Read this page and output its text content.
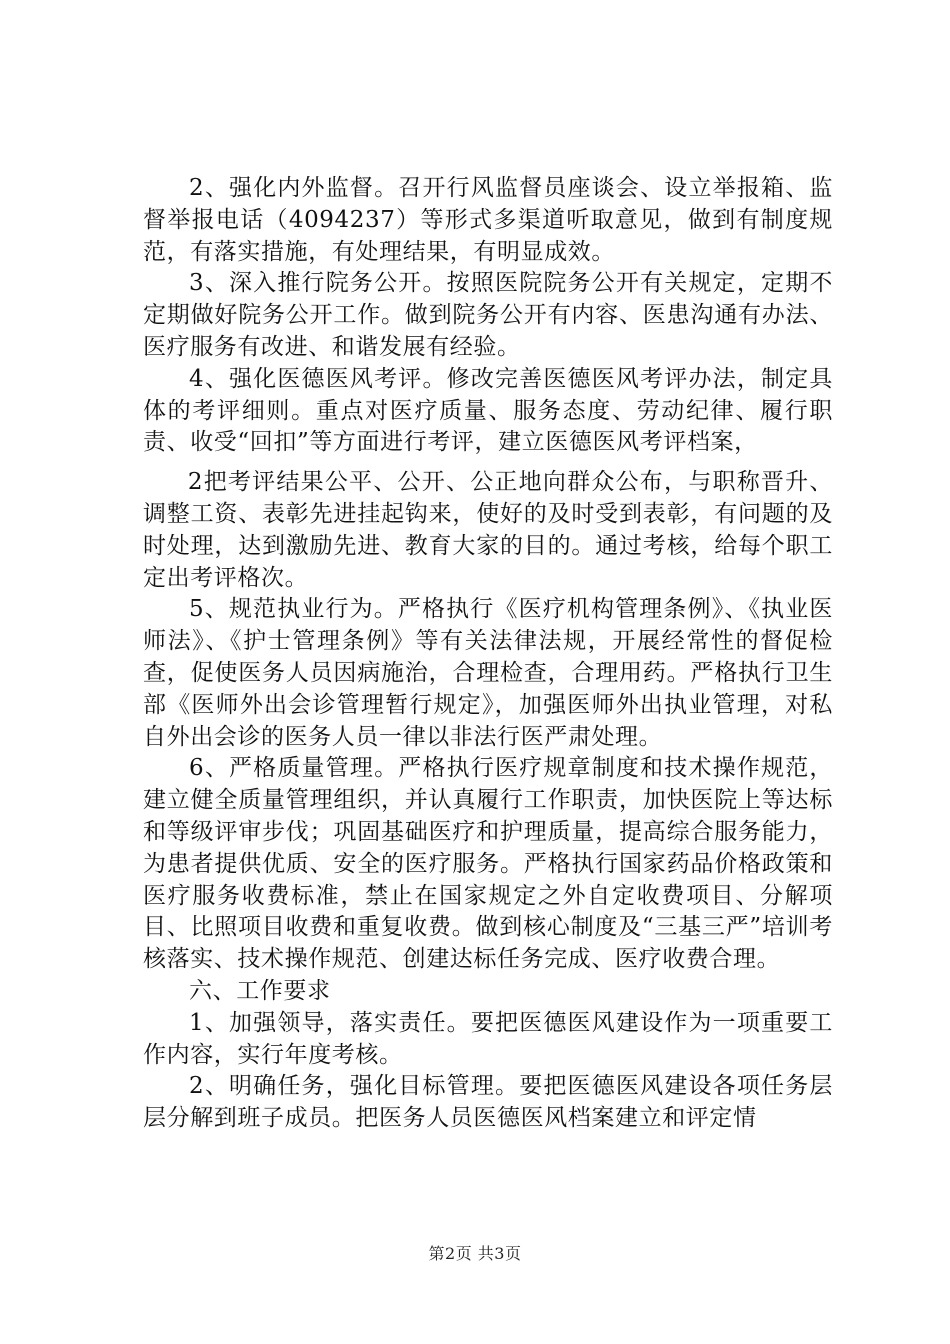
2、强化内外监督。召开行风监督员座谈会、设立举报箱、监督举报电话（4094237）等形式多渠道听取意见，做到有制度规范，有落实措施，有处理结果，有明显成效。

3、深入推行院务公开。按照医院院务公开有关规定，定期不定期做好院务公开工作。做到院务公开有内容、医患沟通有办法、医疗服务有改进、和谐发展有经验。

4、强化医德医风考评。修改完善医德医风考评办法，制定具体的考评细则。重点对医疗质量、服务态度、劳动纪律、履行职责、收受“回扣”等方面进行考评，建立医德医风考评档案，

2把考评结果公平、公开、公正地向群众公布，与职称晋升、调整工资、表彰先进挂起钩来，使好的及时受到表彰，有问题的及时处理，达到激励先进、教育大家的目的。通过考核，给每个职工定出考评格次。

5、规范执业行为。严格执行《医疗机构管理条例》、《执业医师法》、《护士管理条例》等有关法律法规，开展经常性的督促检查，促使医务人员因病施治，合理检查，合理用药。严格执行卫生部《医师外出会诊管理暂行规定》，加强医师外出执业管理，对私自外出会诊的医务人员一律以非法行医严肃处理。

6、严格质量管理。严格执行医疗规章制度和技术操作规范，建立健全质量管理组织，并认真履行工作职责，加快医院上等达标和等级评审步伐；巩固基础医疗和护理质量，提高综合服务能力，为患者提供优质、安全的医疗服务。严格执行国家药品价格政策和医疗服务收费标准，禁止在国家规定之外自定收费项目、分解项目、比照项目收费和重复收费。做到核心制度及“三基三严”培训考核落实、技术操作规范、创建达标任务完成、医疗收费合理。

六、工作要求

1、加强领导，落实责任。要把医德医风建设作为一项重要工作内容，实行年度考核。

2、明确任务，强化目标管理。要把医德医风建设各项任务层层分解到班子成员。把医务人员医德医风档案建立和评定情

第2页 共3页
